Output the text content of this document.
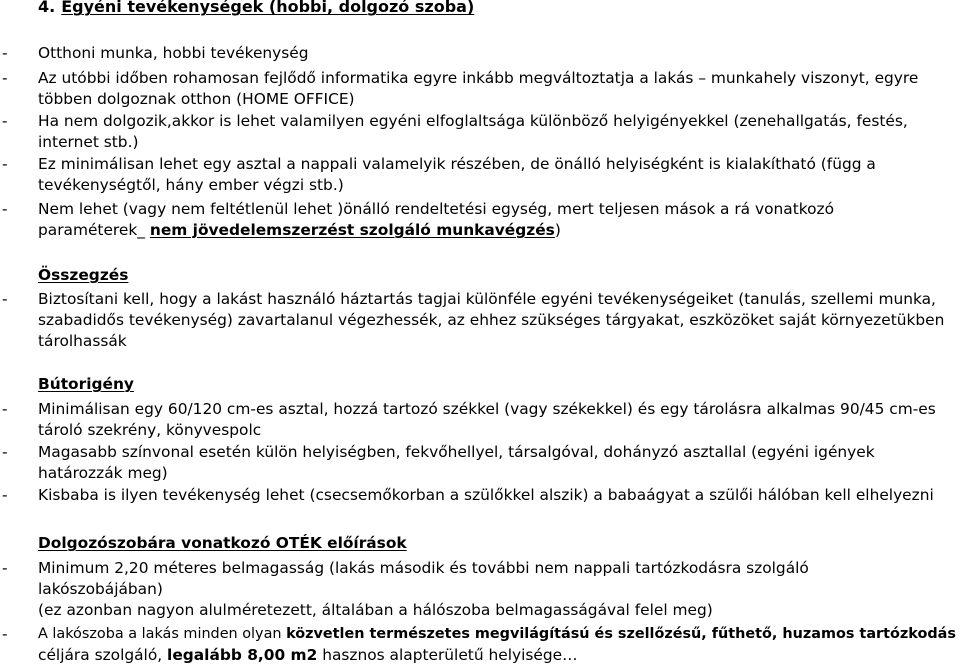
4. Egyéni tevékenységek (hobbi, dolgozó szoba)
- Otthoni munka, hobbi tevékenység
- Az utóbbi időben rohamosan fejlődő informatika egyre inkább megváltoztatja a lakás – munkahely viszonyt, egyre
többen dolgoznak otthon (HOME OFFICE)
- Ha nem dolgozik,akkor is lehet valamilyen egyéni elfoglaltsága különböző helyigényekkel (zenehallgatás, festés,
internet stb.)
- Ez minimálisan lehet egy asztal a nappali valamelyik részében, de önálló helyiségként is kialakítható (függ a
tevékenységtől, hány ember végzi stb.)
- Nem lehet (vagy nem feltétlenül lehet )önálló rendeltetési egység, mert teljesen mások a rá vonatkozó
paraméterek_ nem jövedelemszerzést szolgáló munkavégzés)
Összegzés
- Biztosítani kell, hogy a lakást használó háztartás tagjai különféle egyéni tevékenységeiket (tanulás, szellemi munka,
szabadidős tevékenység) zavartalanul végezhessék, az ehhez szükséges tárgyakat, eszközöket saját környezetükben
tárolhassák
Bútorigény
- Minimálisan egy 60/120 cm-es asztal, hozzá tartozó székkel (vagy székekkel) és egy tárolásra alkalmas 90/45 cm-es
tároló szekrény, könyvespolc
- Magasabb színvonal esetén külön helyiségben, fekvőhellyel, társalgóval, dohányzó asztallal (egyéni igények
határozzák meg)
- Kisbaba is ilyen tevékenység lehet (csecsemőkorban a szülőkkel alszik) a babaágyat a szülői hálóban kell elhelyezni
Dolgozószobára vonatkozó OTÉK előírások
- Minimum 2,20 méteres belmagasság (lakás második és további nem nappali tartózkodásra szolgáló
lakószobájában)
(ez azonban nagyon alulméretezett, általában a hálószoba belmagasságával felel meg)
- A lakószoba a lakás minden olyan közvetlen természetes megvilágítású és szellőzésű, fűthető, huzamos tartózkodás
céljára szolgáló, legalább 8,00 m2 hasznos alapterületű helyisége…
